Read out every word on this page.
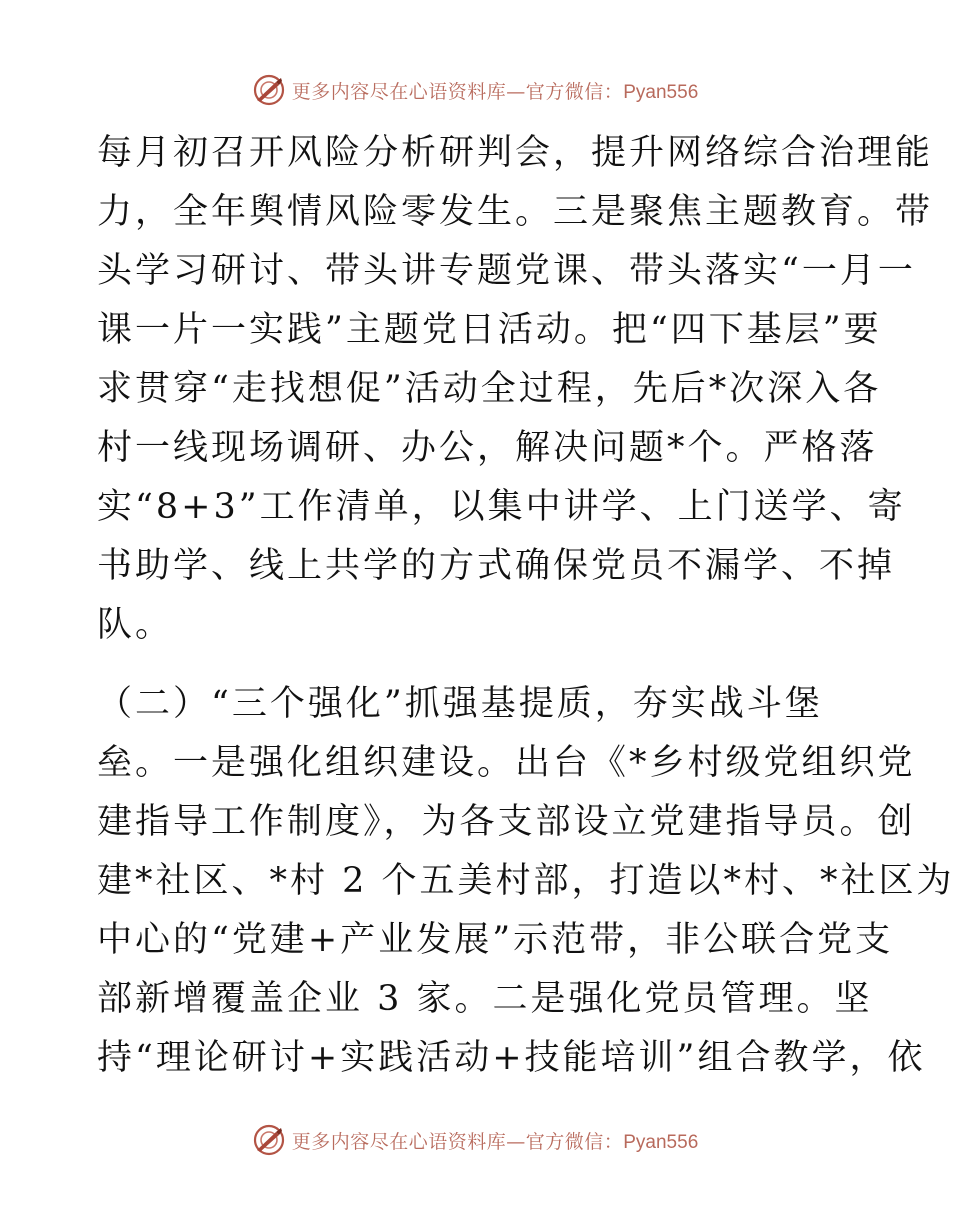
更多内容尽在心语资料库—官方微信：Pyan556
每月初召开风险分析研判会，提升网络综合治理能
力，全年舆情风险零发生。三是聚焦主题教育。带
头学习研讨、带头讲专题党课、带头落实“一月一
课一片一实践”主题党日活动。把“四下基层”要
求贯穿“走找想促”活动全过程，先后*次深入各
村一线现场调研、办公，解决问题*个。严格落
实“8+3”工作清单，以集中讲学、上门送学、寄
书助学、线上共学的方式确保党员不漏学、不掉
队。
（二）“三个强化”抓强基提质，夯实战斗堡
垒。一是强化组织建设。出台《*乡村级党组织党
建指导工作制度》，为各支部设立党建指导员。创
建*社区、*村 2 个五美村部，打造以*村、*社区为
中心的“党建+产业发展”示范带，非公联合党支
部新增覆盖企业 3 家。二是强化党员管理。坚
持“理论研讨+实践活动+技能培训”组合教学，依
更多内容尽在心语资料库—官方微信：Pyan556
